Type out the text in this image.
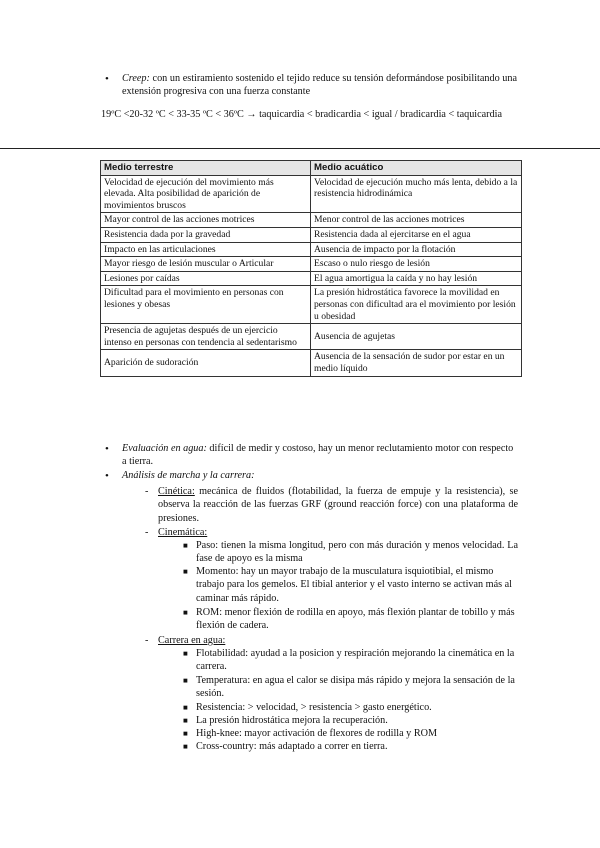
• Creep: con un estiramiento sostenido el tejido reduce su tensión deformándose posibilitando una extensión progresiva con una fuerza constante
19ºC <20-32 ºC < 33-35 ºC < 36ºC → taquicardia < bradicardia < igual / bradicardia < taquicardia
Medio terrestre	Medio acuático
Velocidad de ejecución del movimiento más elevada. Alta posibilidad de aparición de movimientos bruscos	Velocidad de ejecución mucho más lenta, debido a la resistencia hidrodinámica
Mayor control de las acciones motrices	Menor control de las acciones motrices
Resistencia dada por la gravedad	Resistencia dada al ejercitarse en el agua
Impacto en las articulaciones	Ausencia de impacto por la flotación
Mayor riesgo de lesión muscular o Articular	Escaso o nulo riesgo de lesión
Lesiones por caídas	El agua amortigua la caída y no hay lesión
Dificultad para el movimiento en personas con lesiones y obesas	La presión hidrostática favorece la movilidad en personas con dificultad ara el movimiento por lesión u obesidad
Presencia de agujetas después de un ejercicio intenso en personas con tendencia al sedentarismo	Ausencia de agujetas
Aparición de sudoración	Ausencia de la sensación de sudor por estar en un medio líquido
• Evaluación en agua: difícil de medir y costoso, hay un menor reclutamiento motor con respecto a tierra.
• Análisis de marcha y la carrera:
- Cinética: mecánica de fluidos (flotabilidad, la fuerza de empuje y la resistencia), se observa la reacción de las fuerzas GRF (ground reacción force) con una plataforma de presiones.
- Cinemática:
■ Paso: tienen la misma longitud, pero con más duración y menos velocidad. La fase de apoyo es la misma
■ Momento: hay un mayor trabajo de la musculatura isquiotibial, el mismo trabajo para los gemelos. El tibial anterior y el vasto interno se activan más al caminar más rápido.
■ ROM: menor flexión de rodilla en apoyo, más flexión plantar de tobillo y más flexión de cadera.
- Carrera en agua:
■ Flotabilidad: ayudad a la posicion y respiración mejorando la cinemática en la carrera.
■ Temperatura: en agua el calor se disipa más rápido y mejora la sensación de la sesión.
■ Resistencia: > velocidad, > resistencia > gasto energético.
■ La presión hidrostática mejora la recuperación.
■ High-knee: mayor activación de flexores de rodilla y ROM
■ Cross-country: más adaptado a correr en tierra.
